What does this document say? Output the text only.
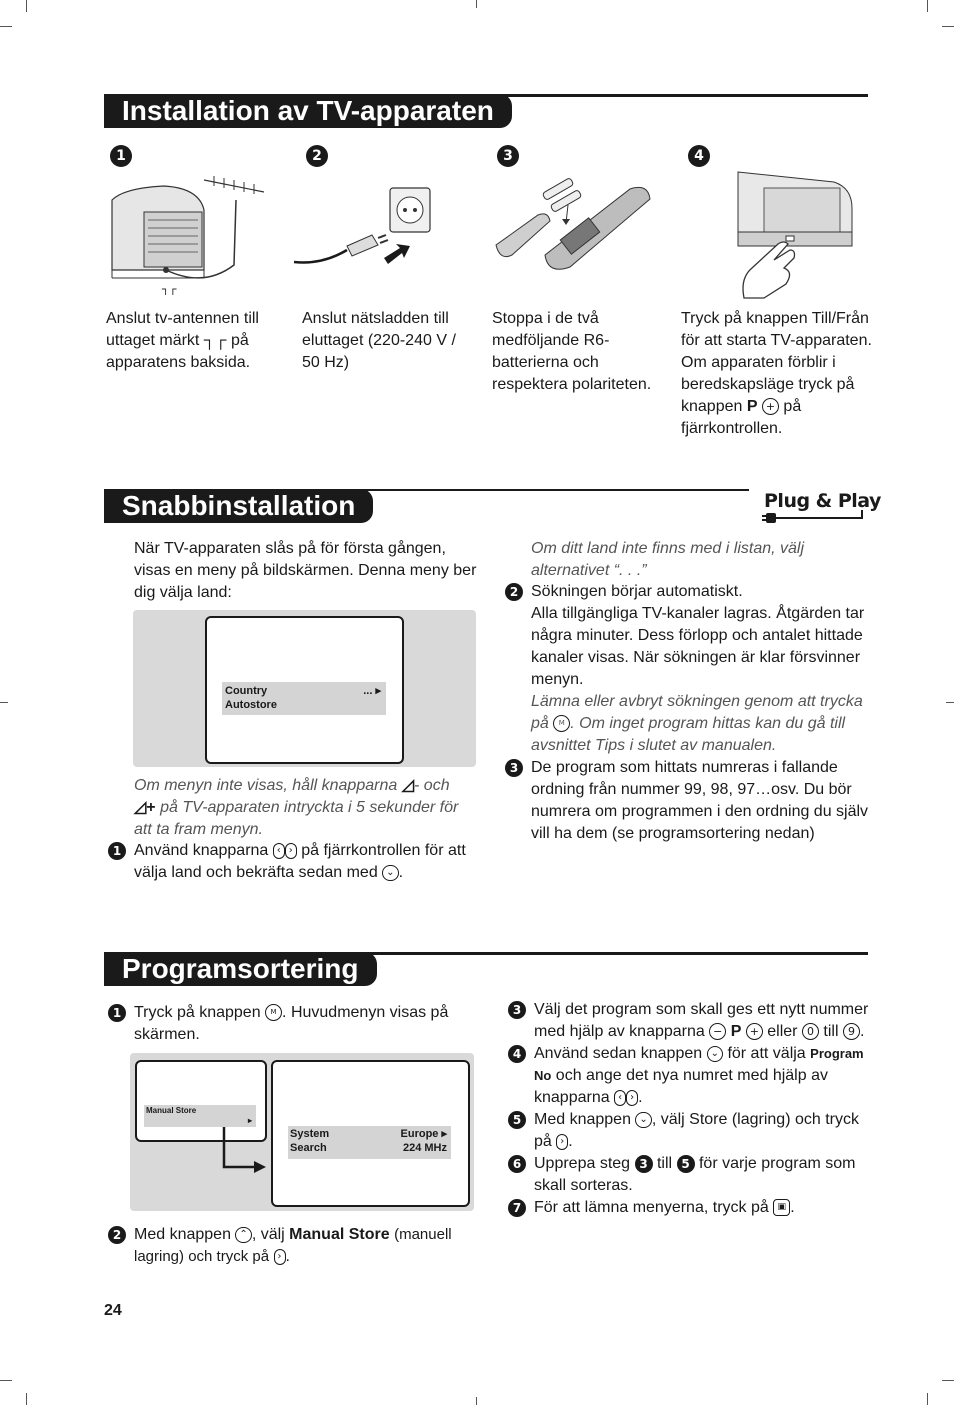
Installation av TV-apparaten
1	2	3	4
┐┌
Anslut tv-antennen till uttaget märkt ┐┌ på apparatens baksida.
Anslut nätsladden till eluttaget (220-240 V / 50 Hz)
Stoppa i de två medföljande R6-batterierna och respektera polariteten.
Tryck på knappen Till/Från för att starta TV-apparaten. Om apparaten förblir i beredskapsläge tryck på knappen P + på fjärrkontrollen.
Snabbinstallation	Plug & Play
När TV-apparaten slås på för första gången, visas en meny på bildskärmen. Denna meny ber dig välja land:
Country	... ▸
Autostore
Om menyn inte visas, håll knapparna ◿- och ◿+ på TV-apparaten intryckta i 5 sekunder för att ta fram menyn.
1 Använd knapparna ‹ › på fjärrkontrollen för att välja land och bekräfta sedan med ⌄ .
Om ditt land inte finns med i listan, välj alternativet “. . .”
2 Sökningen börjar automatiskt.
Alla tillgängliga TV-kanaler lagras. Åtgärden tar några minuter. Dess förlopp och antalet hittade kanaler visas. När sökningen är klar försvinner menyn.
Lämna eller avbryt sökningen genom att trycka på M . Om inget program hittas kan du gå till avsnittet Tips i slutet av manualen.
3 De program som hittats numreras i fallande ordning från nummer 99, 98, 97…osv. Du bör numrera om programmen i den ordning du själv vill ha dem (se programsortering nedan)
Programsortering
1 Tryck på knappen M . Huvudmenyn visas på skärmen.
Manual Store
▸
System	Europe ▸
Search	224 MHz
2 Med knappen ⌃ , välj Manual Store (manuell lagring) och tryck på › .
3 Välj det program som skall ges ett nytt nummer med hjälp av knapparna − P + eller 0 till 9 .
4 Använd sedan knappen ⌄ för att välja Program No och ange det nya numret med hjälp av knapparna ‹ › .
5 Med knappen ⌄ , välj Store (lagring) och tryck på › .
6 Upprepa steg 3 till 5 för varje program som skall sorteras.
7 För att lämna menyerna, tryck på ▣ .
24
